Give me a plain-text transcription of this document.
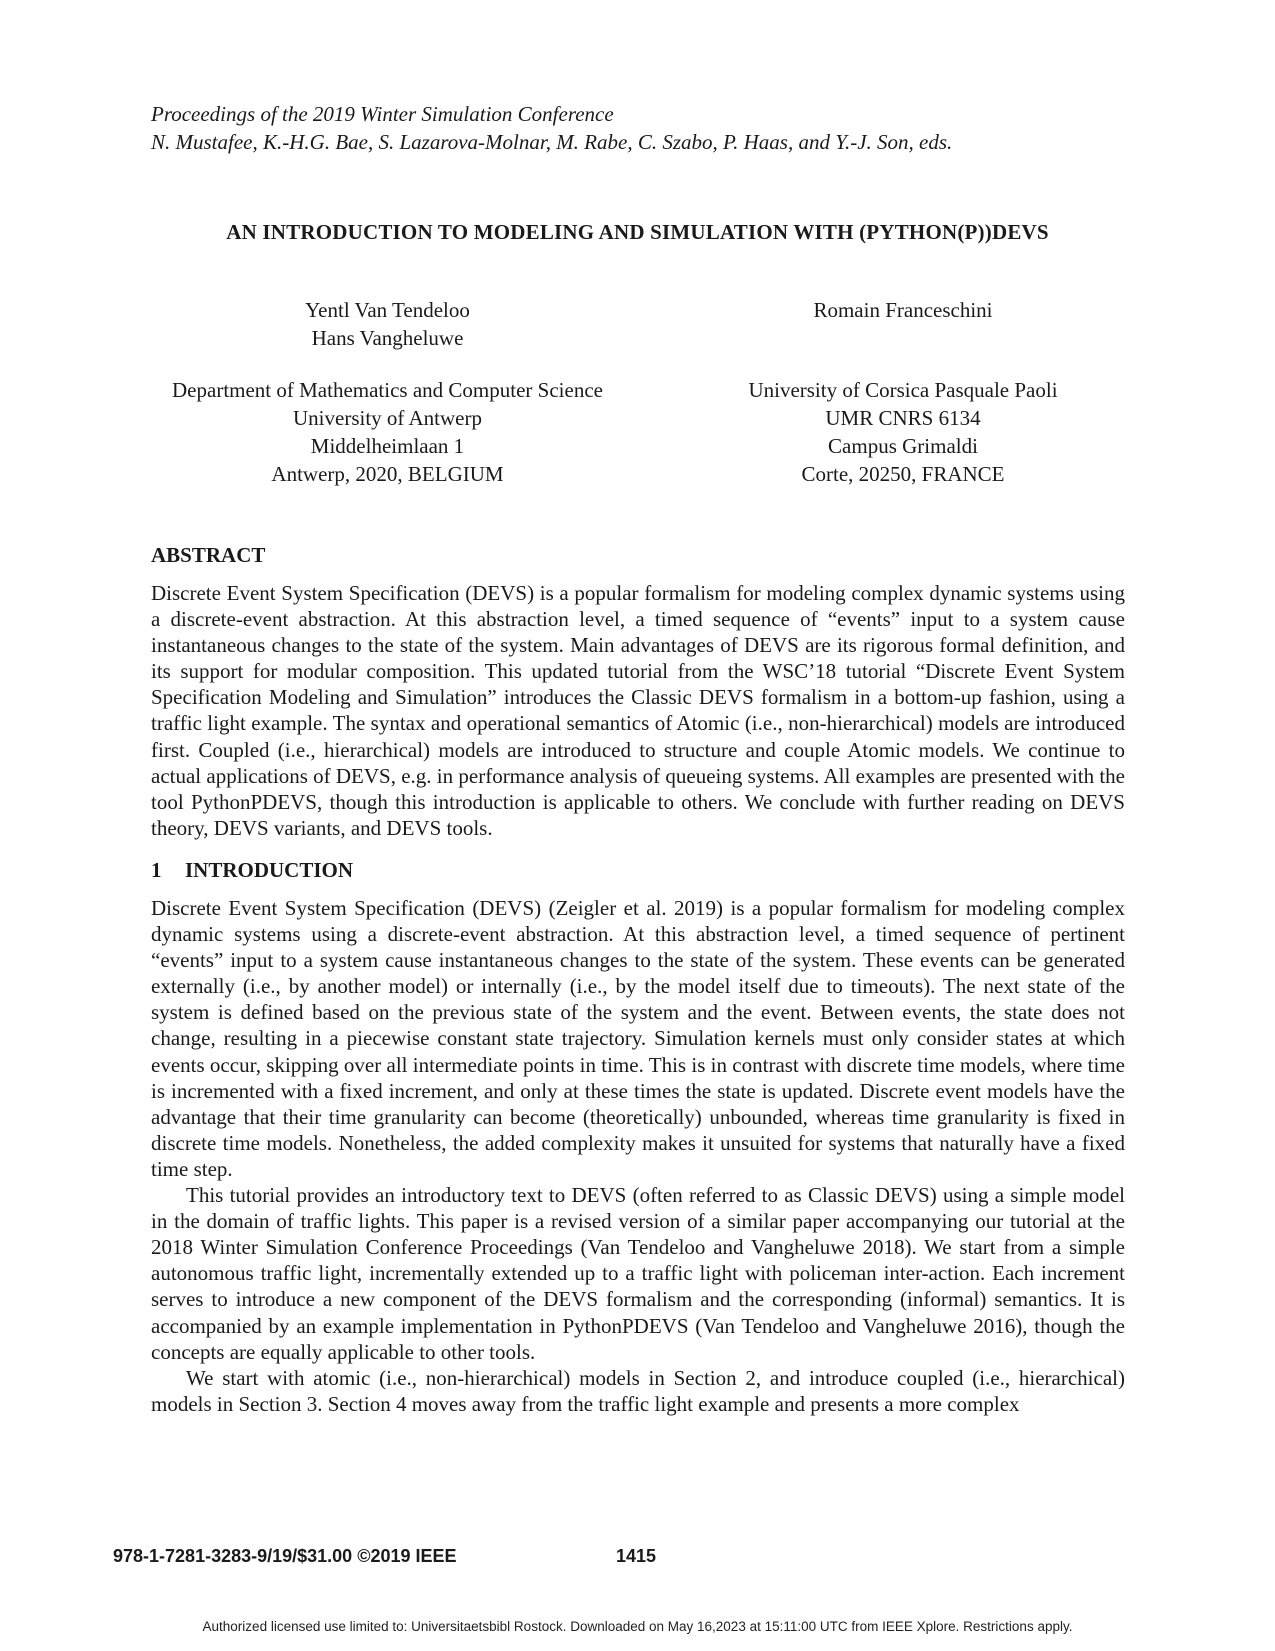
Proceedings of the 2019 Winter Simulation Conference
N. Mustafee, K.-H.G. Bae, S. Lazarova-Molnar, M. Rabe, C. Szabo, P. Haas, and Y.-J. Son, eds.
AN INTRODUCTION TO MODELING AND SIMULATION WITH (PYTHON(P))DEVS
Yentl Van Tendeloo
Hans Vangheluwe
Department of Mathematics and Computer Science
University of Antwerp
Middelheimlaan 1
Antwerp, 2020, BELGIUM
Romain Franceschini
University of Corsica Pasquale Paoli
UMR CNRS 6134
Campus Grimaldi
Corte, 20250, FRANCE
ABSTRACT

Discrete Event System Specification (DEVS) is a popular formalism for modeling complex dynamic systems using a discrete-event abstraction. At this abstraction level, a timed sequence of “events” input to a system cause instantaneous changes to the state of the system. Main advantages of DEVS are its rigorous formal definition, and its support for modular composition. This updated tutorial from the WSC’18 tutorial “Discrete Event System Specification Modeling and Simulation” introduces the Classic DEVS formalism in a bottom-up fashion, using a traffic light example. The syntax and operational semantics of Atomic (i.e., non-hierarchical) models are introduced first. Coupled (i.e., hierarchical) models are introduced to structure and couple Atomic models. We continue to actual applications of DEVS, e.g. in performance analysis of queueing systems. All examples are presented with the tool PythonPDEVS, though this introduction is applicable to others. We conclude with further reading on DEVS theory, DEVS variants, and DEVS tools.

1 INTRODUCTION

Discrete Event System Specification (DEVS) (Zeigler et al. 2019) is a popular formalism for modeling complex dynamic systems using a discrete-event abstraction. At this abstraction level, a timed sequence of pertinent “events” input to a system cause instantaneous changes to the state of the system. These events can be generated externally (i.e., by another model) or internally (i.e., by the model itself due to timeouts). The next state of the system is defined based on the previous state of the system and the event. Between events, the state does not change, resulting in a piecewise constant state trajectory. Simulation kernels must only consider states at which events occur, skipping over all intermediate points in time. This is in contrast with discrete time models, where time is incremented with a fixed increment, and only at these times the state is updated. Discrete event models have the advantage that their time granularity can become (theoretically) unbounded, whereas time granularity is fixed in discrete time models. Nonetheless, the added complexity makes it unsuited for systems that naturally have a fixed time step.

This tutorial provides an introductory text to DEVS (often referred to as Classic DEVS) using a simple model in the domain of traffic lights. This paper is a revised version of a similar paper accompanying our tutorial at the 2018 Winter Simulation Conference Proceedings (Van Tendeloo and Vangheluwe 2018). We start from a simple autonomous traffic light, incrementally extended up to a traffic light with policeman inter-action. Each increment serves to introduce a new component of the DEVS formalism and the corresponding (informal) semantics. It is accompanied by an example implementation in PythonPDEVS (Van Tendeloo and Vangheluwe 2016), though the concepts are equally applicable to other tools.

We start with atomic (i.e., non-hierarchical) models in Section 2, and introduce coupled (i.e., hierarchical) models in Section 3. Section 4 moves away from the traffic light example and presents a more complex

978-1-7281-3283-9/19/$31.00 ©2019 IEEE	1415
Authorized licensed use limited to: Universitaetsbibl Rostock. Downloaded on May 16,2023 at 15:11:00 UTC from IEEE Xplore. Restrictions apply.
